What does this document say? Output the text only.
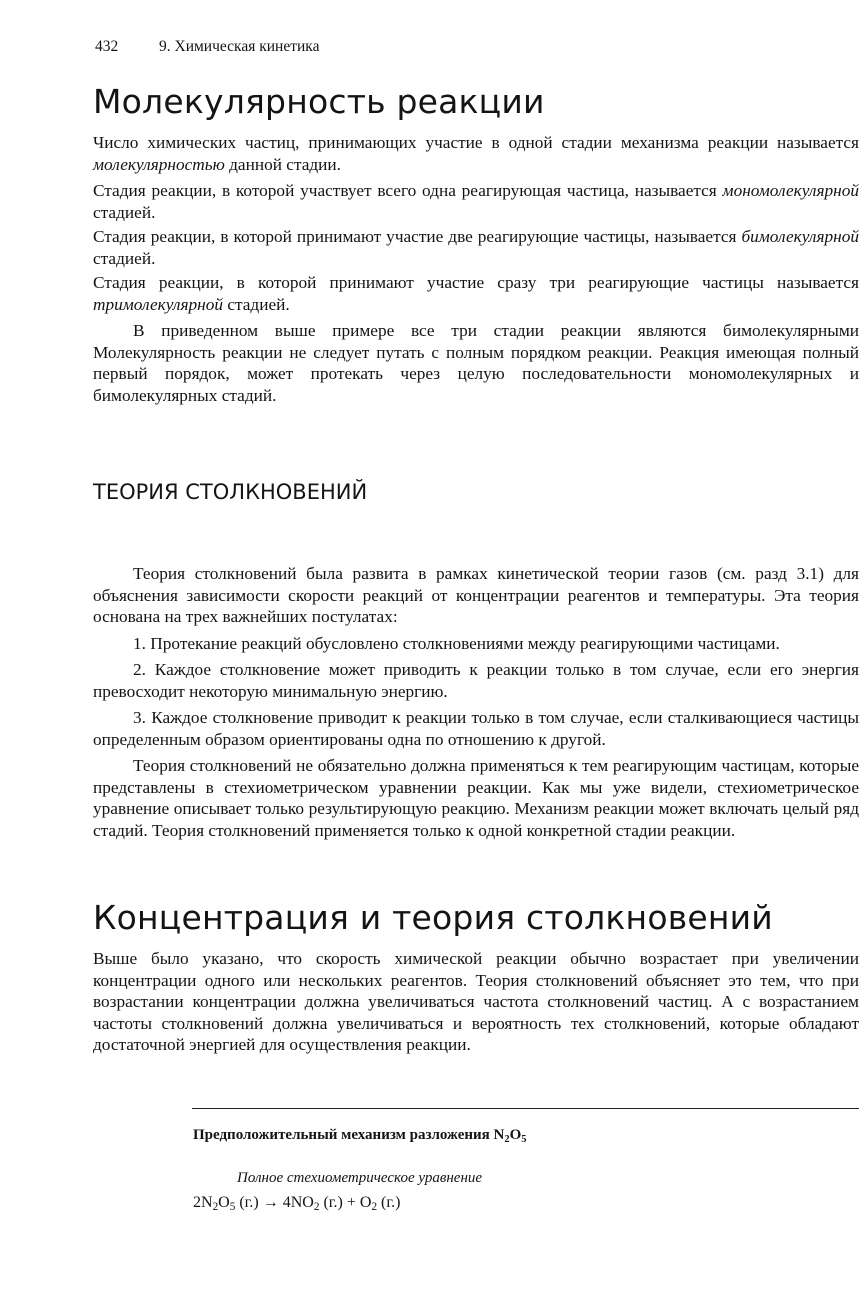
432	9. Химическая кинетика
Молекулярность реакции

Число химических частиц, принимающих участие в одной стадии механизма реакции называется молекулярностью данной стадии.

Стадия реакции, в которой участвует всего одна реагирующая частица, называется мономолекулярной стадией.

Стадия реакции, в которой принимают участие две реагирующие частицы, называется бимолекулярной стадией.

Стадия реакции, в которой принимают участие сразу три реагирующие частицы называется тримолекулярной стадией.

В приведенном выше примере все три стадии реакции являются бимолекулярными Молекулярность реакции не следует путать с полным порядком реакции. Реакция имеющая полный первый порядок, может протекать через целую последовательности мономолекулярных и бимолекулярных стадий.

ТЕОРИЯ СТОЛКНОВЕНИЙ

Теория столкновений была развита в рамках кинетической теории газов (см. разд 3.1) для объяснения зависимости скорости реакций от концентрации реагентов и температуры. Эта теория основана на трех важнейших постулатах:

1. Протекание реакций обусловлено столкновениями между реагирующими частицами.

2. Каждое столкновение может приводить к реакции только в том случае, если его энергия превосходит некоторую минимальную энергию.

3. Каждое столкновение приводит к реакции только в том случае, если сталкивающиеся частицы определенным образом ориентированы одна по отношению к другой.

Теория столкновений не обязательно должна применяться к тем реагирующим частицам, которые представлены в стехиометрическом уравнении реакции. Как мы уже видели, стехиометрическое уравнение описывает только результирующую реакцию. Механизм реакции может включать целый ряд стадий. Теория столкновений применяется только к одной конкретной стадии реакции.

Концентрация и теория столкновений

Выше было указано, что скорость химической реакции обычно возрастает при увеличении концентрации одного или нескольких реагентов. Теория столкновений объясняет это тем, что при возрастании концентрации должна увеличиваться частота столкновений частиц. А с возрастанием частоты столкновений должна увеличиваться и вероятность тех столкновений, которые обладают достаточной энергией для осуществления реакции.

Предположительный механизм разложения $N_2O_5$
Полное стехиометрическое уравнение
$2N_2O_5$ $(г.) \to 4NO_2$ $(г.) + O_2$ (г.)
